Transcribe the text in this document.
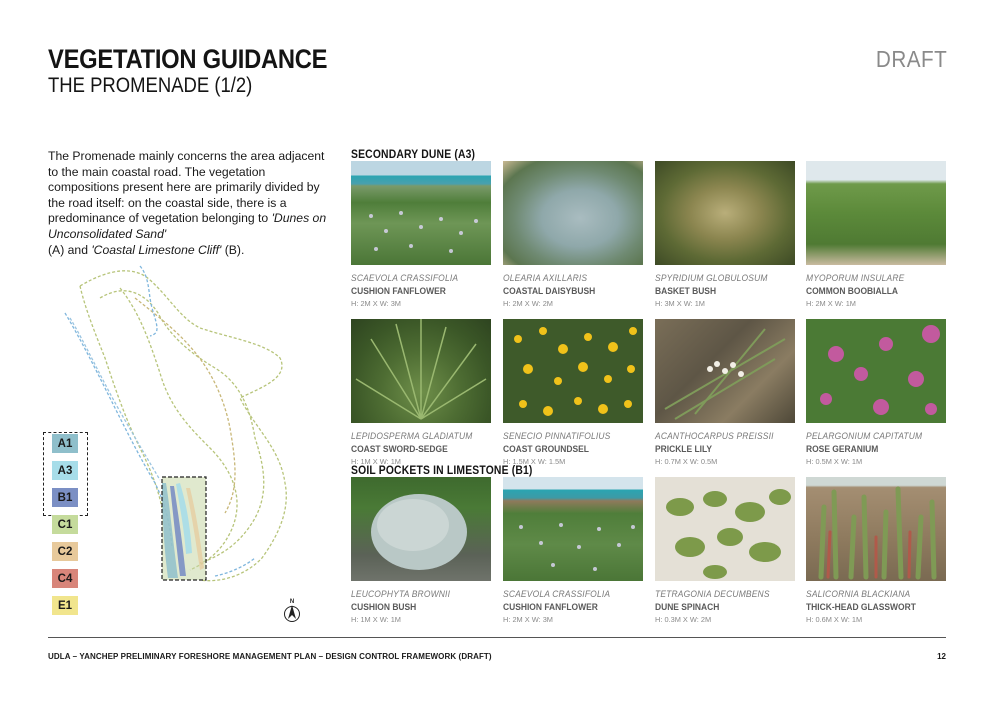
VEGETATION GUIDANCE
THE PROMENADE (1/2)
DRAFT

The Promenade mainly concerns the area adjacent to the main coastal road. The vegetation compositions present here are primarily divided by the road itself: on the coastal side, there is a predominance of vegetation belonging to 'Dunes on Unconsolidated Sand'
(A) and 'Coastal Limestone Cliff' (B).

A1
A3
B1
C1
C2
C4
E1	N
SECONDARY DUNE (A3)
SOIL POCKETS IN LIMESTONE (B1)
SCAEVOLA CRASSIFOLIA
CUSHION FANFLOWER
H: 2M X W: 3M
OLEARIA AXILLARIS
COASTAL DAISYBUSH
H: 2M X W: 2M
SPYRIDIUM GLOBULOSUM
BASKET BUSH
H: 3M X W: 1M
MYOPORUM INSULARE
COMMON BOOBIALLA
H: 2M X W: 1M
LEPIDOSPERMA GLADIATUM
COAST SWORD-SEDGE
H: 1M X W: 1M
SENECIO PINNATIFOLIUS
COAST GROUNDSEL
H: 1.5M X W: 1.5M
ACANTHOCARPUS PREISSII
PRICKLE LILY
H: 0.7M X W: 0.5M
PELARGONIUM CAPITATUM
ROSE GERANIUM
H: 0.5M X W: 1M
LEUCOPHYTA BROWNII
CUSHION BUSH
H: 1M X W: 1M
SCAEVOLA CRASSIFOLIA
CUSHION FANFLOWER
H: 2M X W: 3M
TETRAGONIA DECUMBENS
DUNE SPINACH
H: 0.3M X W: 2M
SALICORNIA BLACKIANA
THICK-HEAD GLASSWORT
H: 0.6M X W: 1M
UDLA – YANCHEP PRELIMINARY FORESHORE MANAGEMENT PLAN – DESIGN CONTROL FRAMEWORK (DRAFT)	12
